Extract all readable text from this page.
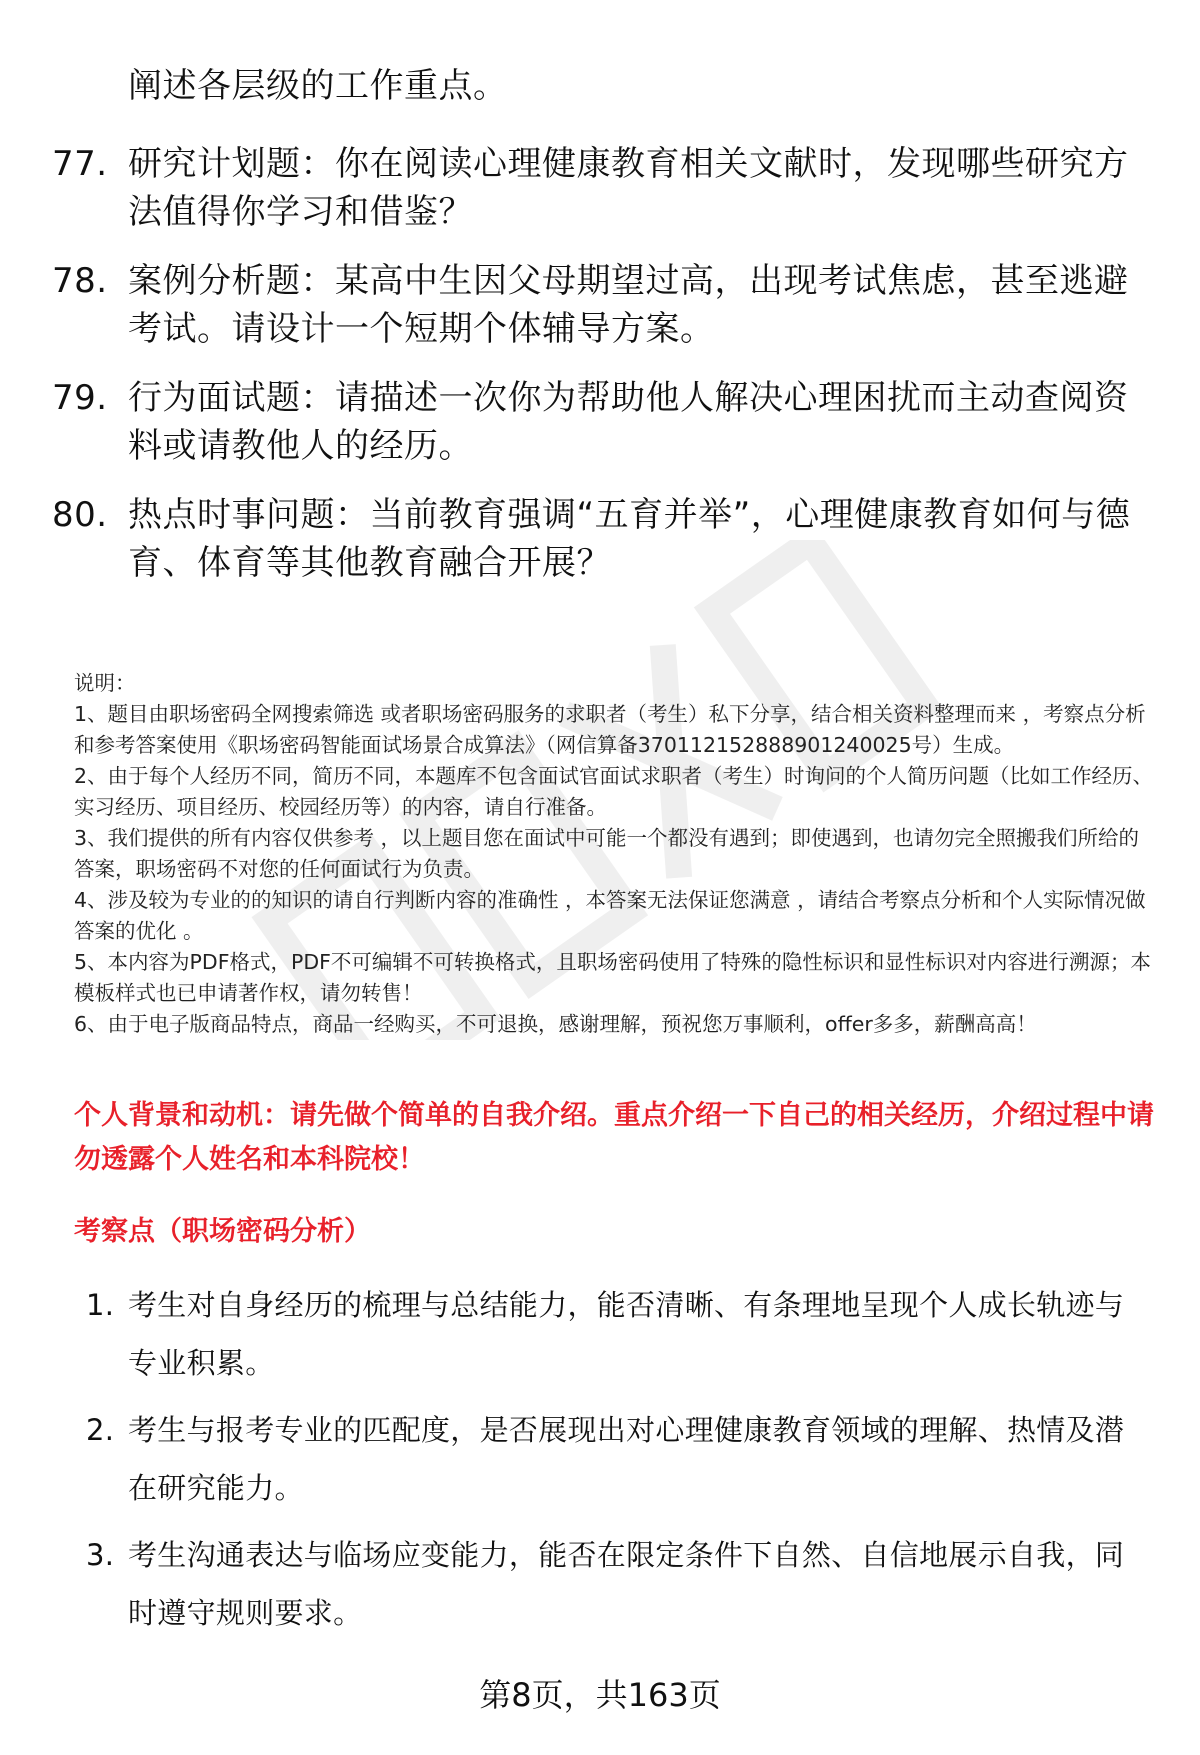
阐述各层级的工作重点。
77. 研究计划题：你在阅读心理健康教育相关文献时，发现哪些研究方法值得你学习和借鉴？
78. 案例分析题：某高中生因父母期望过高，出现考试焦虑，甚至逃避考试。请设计一个短期个体辅导方案。
79. 行为面试题：请描述一次你为帮助他人解决心理困扰而主动查阅资料或请教他人的经历。
80. 热点时事问题：当前教育强调“五育并举”，心理健康教育如何与德育、体育等其他教育融合开展？

说明：

1、题目由职场密码全网搜索筛选 或者职场密码服务的求职者（考生）私下分享，结合相关资料整理而来 ，考察点分析和参考答案使用《职场密码智能面试场景合成算法》（网信算备370112152888901240025号）生成。

2、由于每个人经历不同，简历不同，本题库不包含面试官面试求职者（考生）时询问的个人简历问题（比如工作经历、实习经历、项目经历、校园经历等）的内容，请自行准备。

3、我们提供的所有内容仅供参考 ，以上题目您在面试中可能一个都没有遇到；即使遇到，也请勿完全照搬我们所给的答案，职场密码不对您的任何面试行为负责。

4、涉及较为专业的的知识的请自行判断内容的准确性 ，本答案无法保证您满意 ，请结合考察点分析和个人实际情况做答案的优化 。

5、本内容为PDF格式，PDF不可编辑不可转换格式，且职场密码使用了特殊的隐性标识和显性标识对内容进行溯源；本模板样式也已申请著作权，请勿转售！

6、由于电子版商品特点，商品一经购买，不可退换，感谢理解，预祝您万事顺利，offer多多，薪酬高高！

个人背景和动机：请先做个简单的自我介绍。重点介绍一下自己的相关经历，介绍过程中请勿透露个人姓名和本科院校！
考察点（职场密码分析）
1. 考生对自身经历的梳理与总结能力，能否清晰、有条理地呈现个人成长轨迹与专业积累。
2. 考生与报考专业的匹配度，是否展现出对心理健康教育领域的理解、热情及潜在研究能力。
3. 考生沟通表达与临场应变能力，能否在限定条件下自然、自信地展示自我，同时遵守规则要求。
第8页，共163页
